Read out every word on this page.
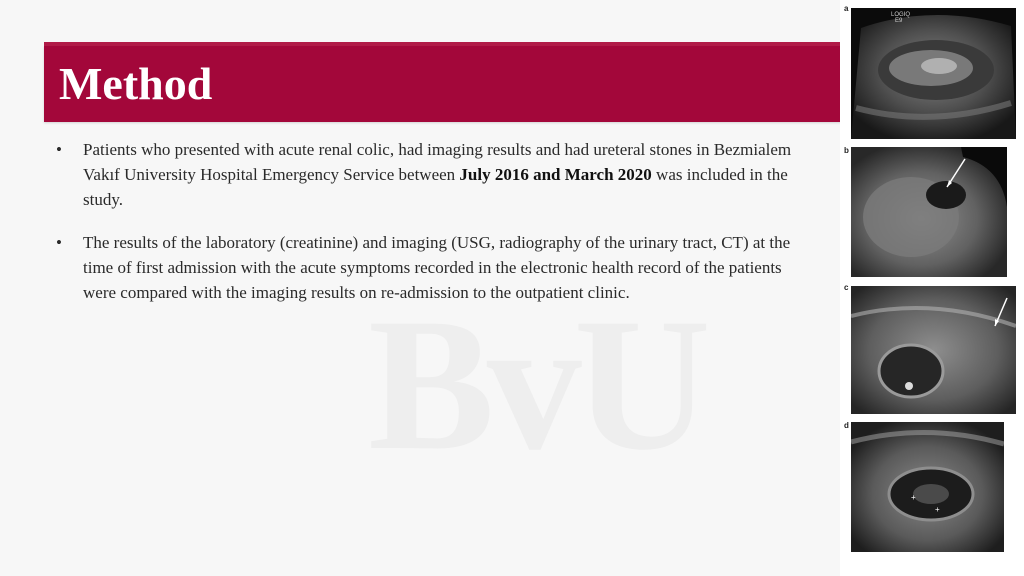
Method

• Patients who presented with acute renal colic, had imaging results and had ureteral stones in Bezmialem Vakıf University Hospital Emergency Service between July 2016 and March 2020 was included in the study.

• The results of the laboratory (creatinine) and imaging (USG, radiography of the urinary tract, CT) at the time of first admission with the acute symptoms recorded in the electronic health record of the patients were compared with the imaging results on re-admission to the outpatient clinic.

a
LOGIQ E9
b
c
d
+
+
